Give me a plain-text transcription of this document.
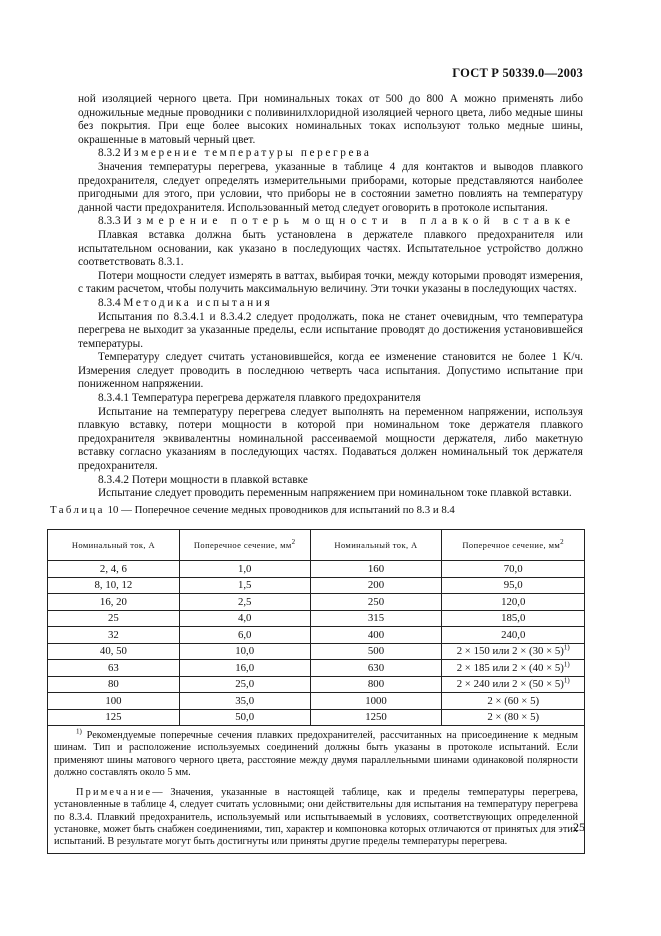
ГОСТ Р 50339.0—2003

ной изоляцией черного цвета. При номинальных токах от 500 до 800 А можно применять либо одножильные медные проводники с поливинилхлоридной изоляцией черного цвета, либо медные шины без покрытия. При еще более высоких номинальных токах используют только медные шины, окрашенные в матовый черный цвет.

8.3.2 Измерение температуры перегрева

Значения температуры перегрева, указанные в таблице 4 для контактов и выводов плавкого предохранителя, следует определять измерительными приборами, которые представляются наиболее пригодными для этого, при условии, что приборы не в состоянии заметно повлиять на температуру данной части предохранителя. Использованный метод следует оговорить в протоколе испытания.

8.3.3 Измерение потерь мощности в плавкой вставке

Плавкая вставка должна быть установлена в держателе плавкого предохранителя или испытательном основании, как указано в последующих частях. Испытательное устройство должно соответствовать 8.3.1.

Потери мощности следует измерять в ваттах, выбирая точки, между которыми проводят измерения, с таким расчетом, чтобы получить максимальную величину. Эти точки указаны в последующих частях.

8.3.4 Методика испытания

Испытания по 8.3.4.1 и 8.3.4.2 следует продолжать, пока не станет очевидным, что температура перегрева не выходит за указанные пределы, если испытание проводят до достижения установившейся температуры.

Температуру следует считать установившейся, когда ее изменение становится не более 1 K/ч. Измерения следует проводить в последнюю четверть часа испытания. Допустимо испытание при пониженном напряжении.

8.3.4.1 Температура перегрева держателя плавкого предохранителя

Испытание на температуру перегрева следует выполнять на переменном напряжении, используя плавкую вставку, потери мощности в которой при номинальном токе держателя плавкого предохранителя эквивалентны номинальной рассеиваемой мощности держателя, либо макетную вставку согласно указаниям в последующих частях. Подаваться должен номинальный ток держателя предохранителя.

8.3.4.2 Потери мощности в плавкой вставке

Испытание следует проводить переменным напряжением при номинальном токе плавкой вставки.

Таблица 10 — Поперечное сечение медных проводников для испытаний по 8.3 и 8.4

Номинальный ток, А	Поперечное сечение, $мм^2$	Номинальный ток, А	Поперечное сечение, $мм^2$
2, 4, 6	1,0	160	70,0
8, 10, 12	1,5	200	95,0
16, 20	2,5	250	120,0
25	4,0	315	185,0
32	6,0	400	240,0
40, 50	10,0	500	2 × 150 или $2 \times (30 \times 5)^{1)}$
63	16,0	630	2 × 185 или $2 \times (40 \times 5)^{1)}$
80	25,0	800	2 × 240 или $2 \times (50 \times 5)^{1)}$
100	35,0	1000	2 × (60 × 5)
125	50,0	1250	2 × (80 × 5)

$^{1)}$ Рекомендуемые поперечные сечения плавких предохранителей, рассчитанных на присоединение к медным шинам. Тип и расположение используемых соединений должны быть указаны в протоколе испытаний. Если применяют шины матового черного цвета, расстояние между двумя параллельными шинами одинаковой полярности должно составлять около 5 мм.

Примечание— Значения, указанные в настоящей таблице, как и пределы температуры перегрева, установленные в таблице 4, следует считать условными; они действительны для испытания на температуру перегрева по 8.3.4. Плавкий предохранитель, используемый или испытываемый в условиях, соответствующих определенной установке, может быть снабжен соединениями, тип, характер и компоновка которых отличаются от принятых для этих испытаний. В результате могут быть достигнуты или приняты другие пределы температуры перегрева.

25
